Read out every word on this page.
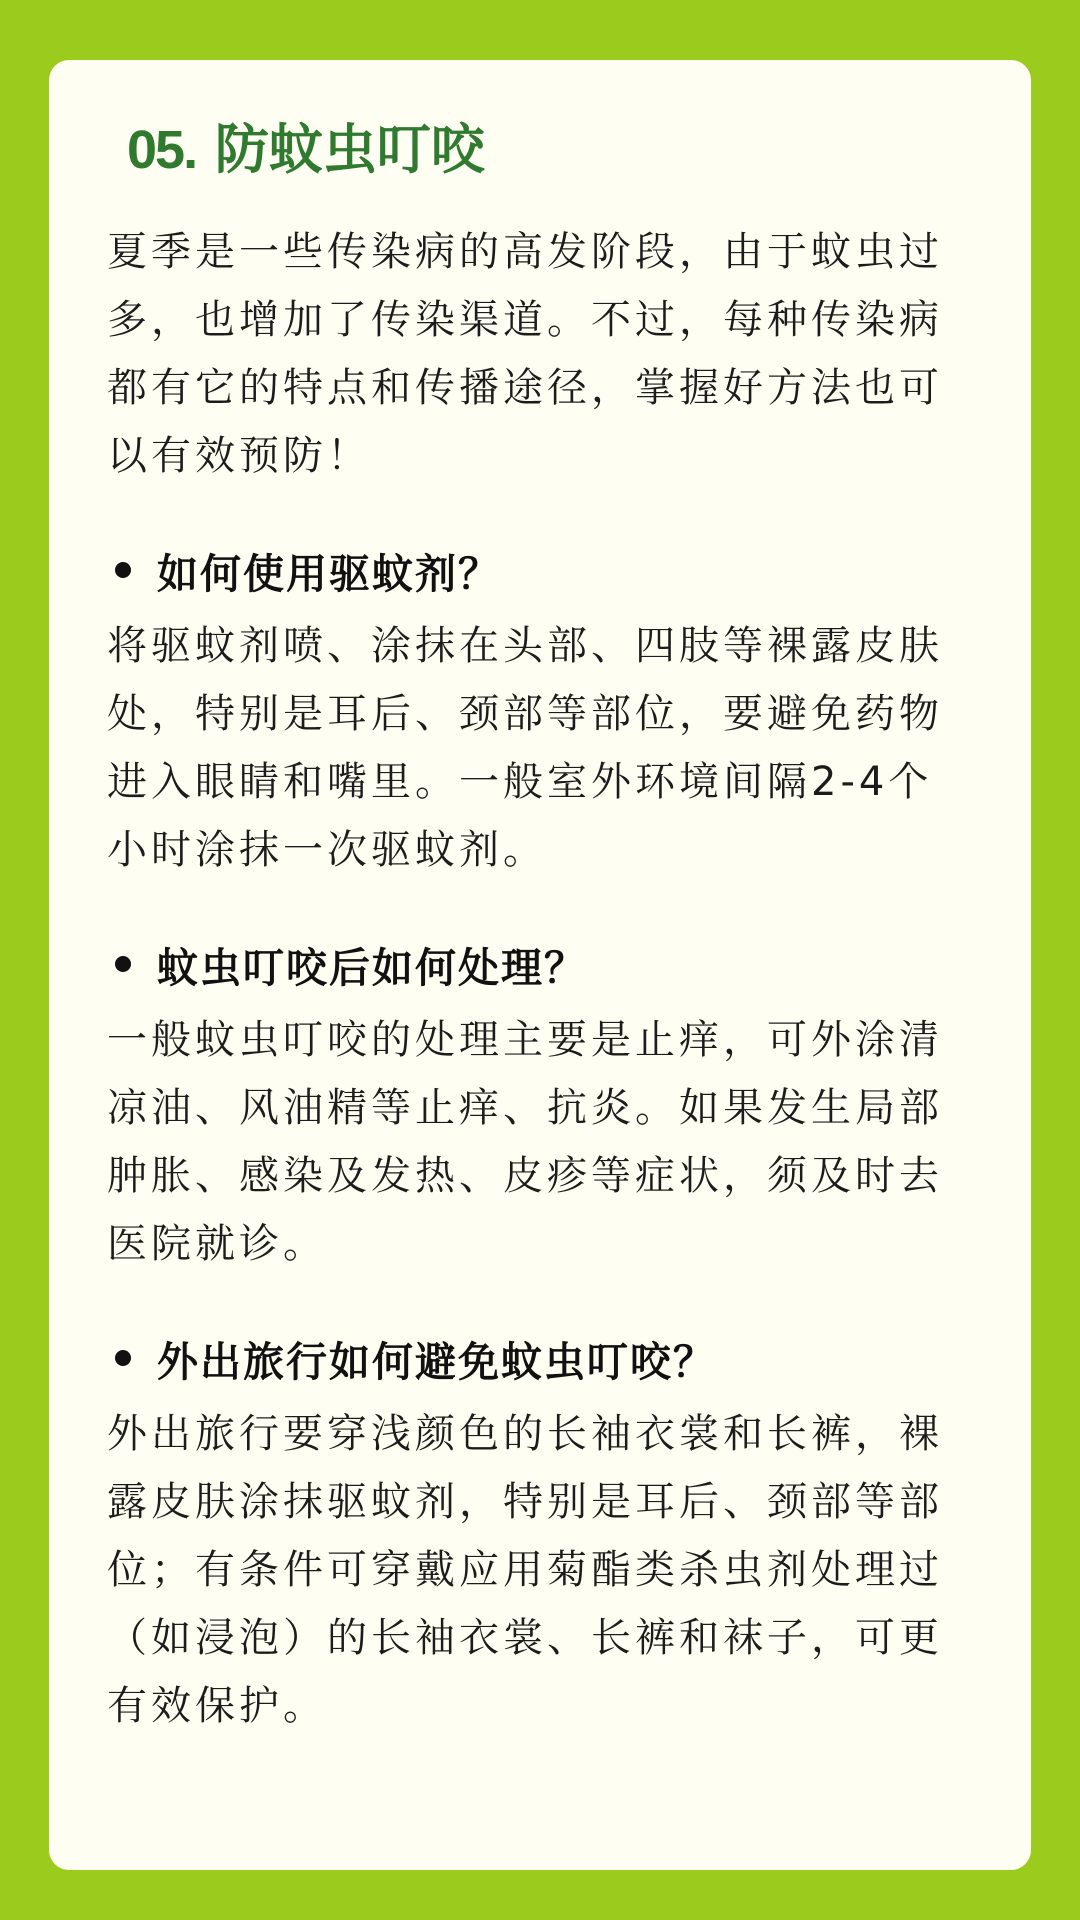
05. 防蚊虫叮咬

夏季是一些传染病的高发阶段，由于蚊虫过多，也增加了传染渠道。不过，每种传染病都有它的特点和传播途径，掌握好方法也可以有效预防！

如何使用驱蚊剂？

将驱蚊剂喷、涂抹在头部、四肢等裸露皮肤处，特别是耳后、颈部等部位，要避免药物进入眼睛和嘴里。一般室外环境间隔2-4个小时涂抹一次驱蚊剂。

蚊虫叮咬后如何处理？

一般蚊虫叮咬的处理主要是止痒，可外涂清凉油、风油精等止痒、抗炎。如果发生局部肿胀、感染及发热、皮疹等症状，须及时去医院就诊。

外出旅行如何避免蚊虫叮咬？

外出旅行要穿浅颜色的长袖衣裳和长裤，裸露皮肤涂抹驱蚊剂，特别是耳后、颈部等部位；有条件可穿戴应用菊酯类杀虫剂处理过（如浸泡）的长袖衣裳、长裤和袜子，可更有效保护。
